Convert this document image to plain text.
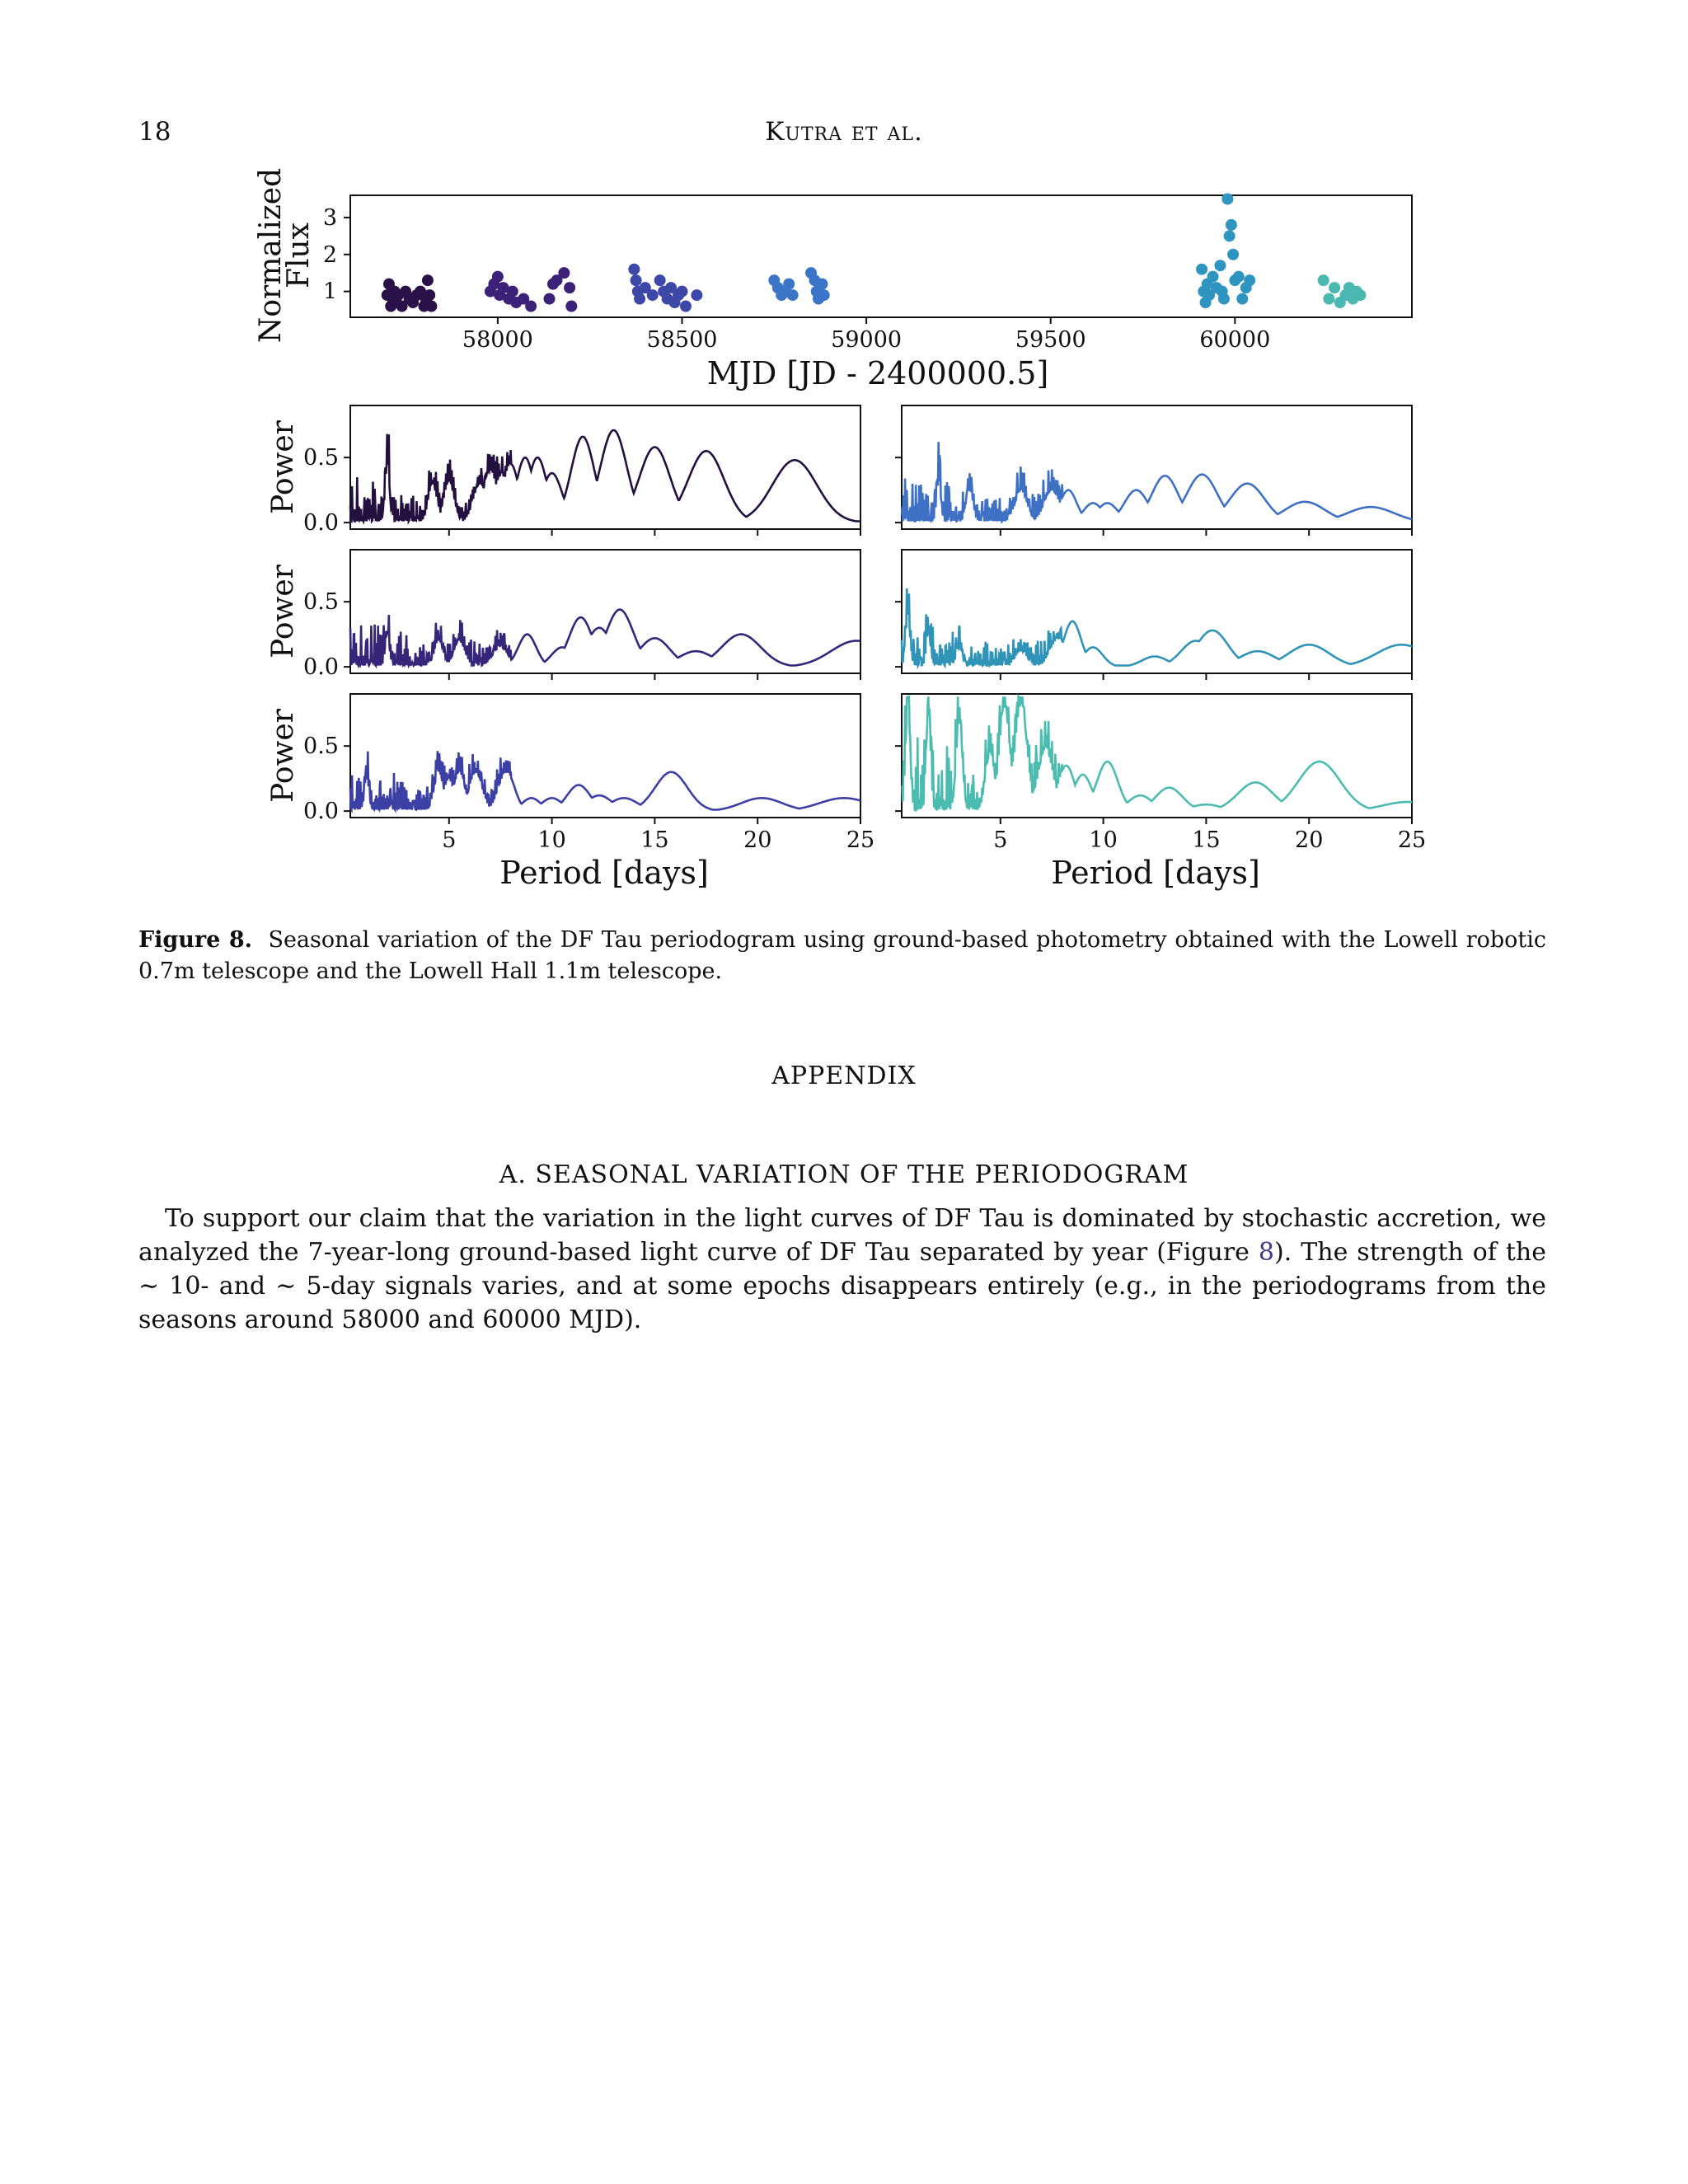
18	Kutra et al.
58000	58500	59000	59500	60000
1
2
3
0.0
0.5
0.0
0.5
5	10	15	20	25
0.0
0.5
5	10	15	20	25
Normalized
Flux
MJD [JD - 2400000.5]
Power
Power
Power
Period [days]	Period [days]
Figure 8. Seasonal variation of the DF Tau periodogram using ground-based photometry obtained with the Lowell robotic 0.7m telescope and the Lowell Hall 1.1m telescope.
APPENDIX
A. SEASONAL VARIATION OF THE PERIODOGRAM
To support our claim that the variation in the light curves of DF Tau is dominated by stochastic accretion, we analyzed the 7-year-long ground-based light curve of DF Tau separated by year (Figure 8). The strength of the ∼ 10- and ∼ 5-day signals varies, and at some epochs disappears entirely (e.g., in the periodograms from the seasons around 58000 and 60000 MJD).
